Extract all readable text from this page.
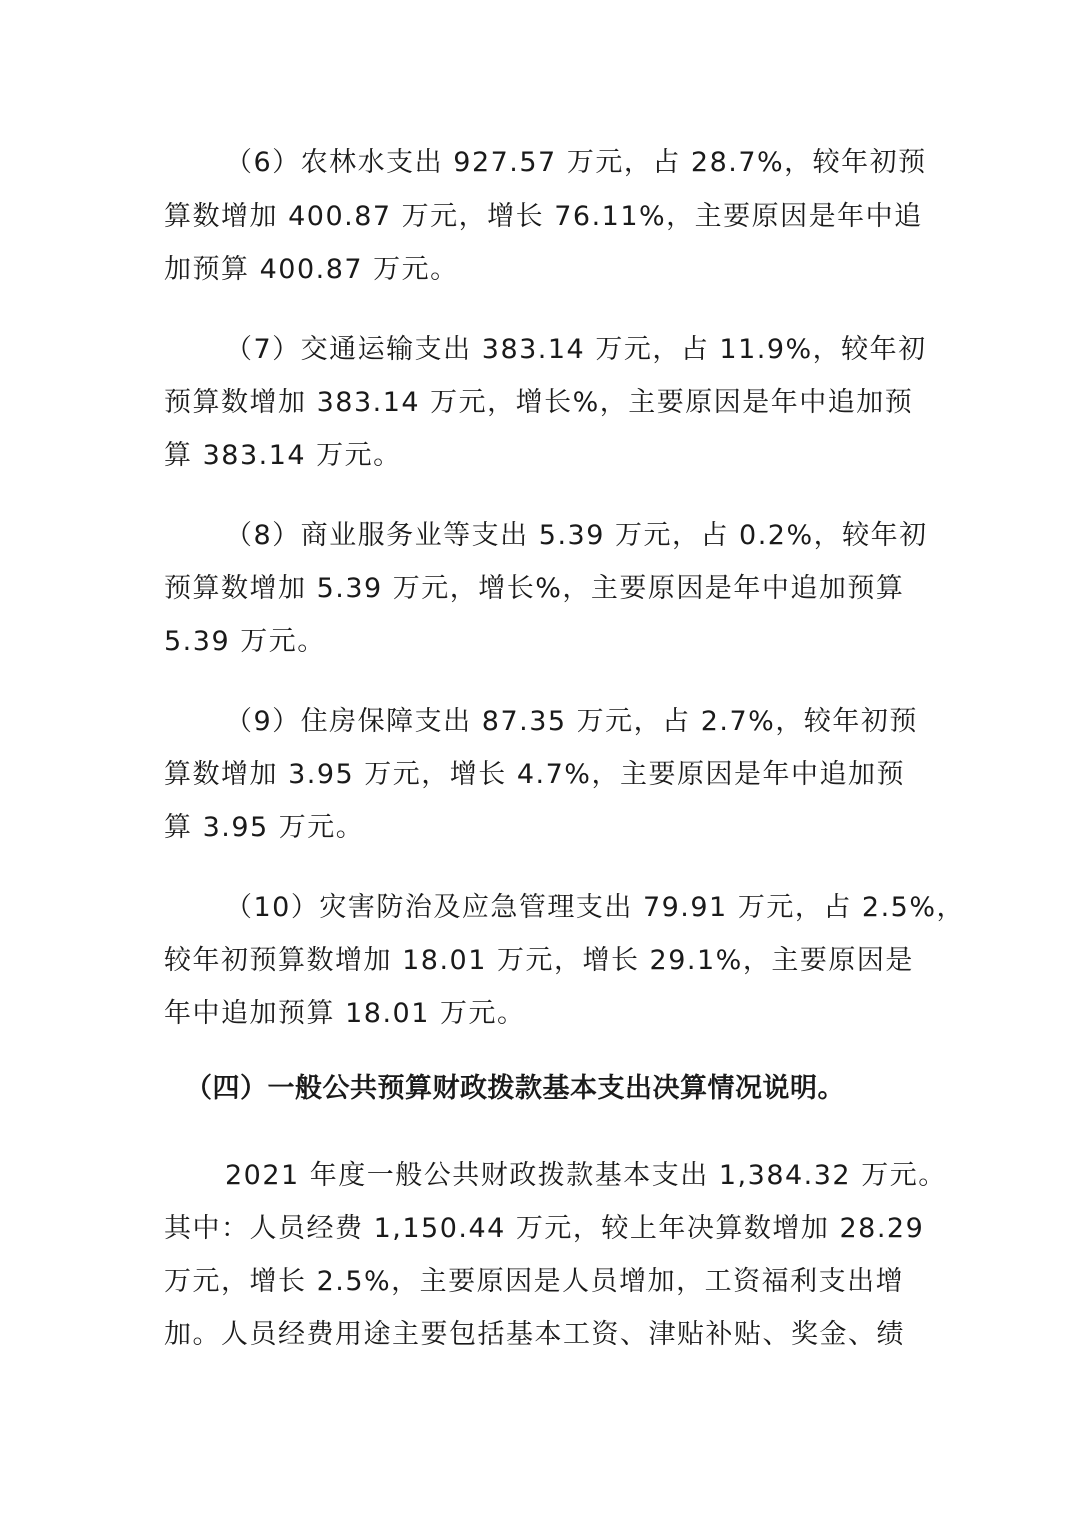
（6）农林水支出 927.57 万元，占 28.7%，较年初预
算数增加 400.87 万元，增长 76.11%，主要原因是年中追
加预算 400.87 万元。
（7）交通运输支出 383.14 万元，占 11.9%，较年初
预算数增加 383.14 万元，增长%，主要原因是年中追加预
算 383.14 万元。
（8）商业服务业等支出 5.39 万元，占 0.2%，较年初
预算数增加 5.39 万元，增长%，主要原因是年中追加预算
5.39 万元。
（9）住房保障支出 87.35 万元，占 2.7%，较年初预
算数增加 3.95 万元，增长 4.7%，主要原因是年中追加预
算 3.95 万元。
（10）灾害防治及应急管理支出 79.91 万元，占 2.5%，
较年初预算数增加 18.01 万元，增长 29.1%，主要原因是
年中追加预算 18.01 万元。
（四）一般公共预算财政拨款基本支出决算情况说明。
2021 年度一般公共财政拨款基本支出 1,384.32 万元。
其中：人员经费 1,150.44 万元，较上年决算数增加 28.29
万元，增长 2.5%，主要原因是人员增加，工资福利支出增
加。人员经费用途主要包括基本工资、津贴补贴、奖金、绩
